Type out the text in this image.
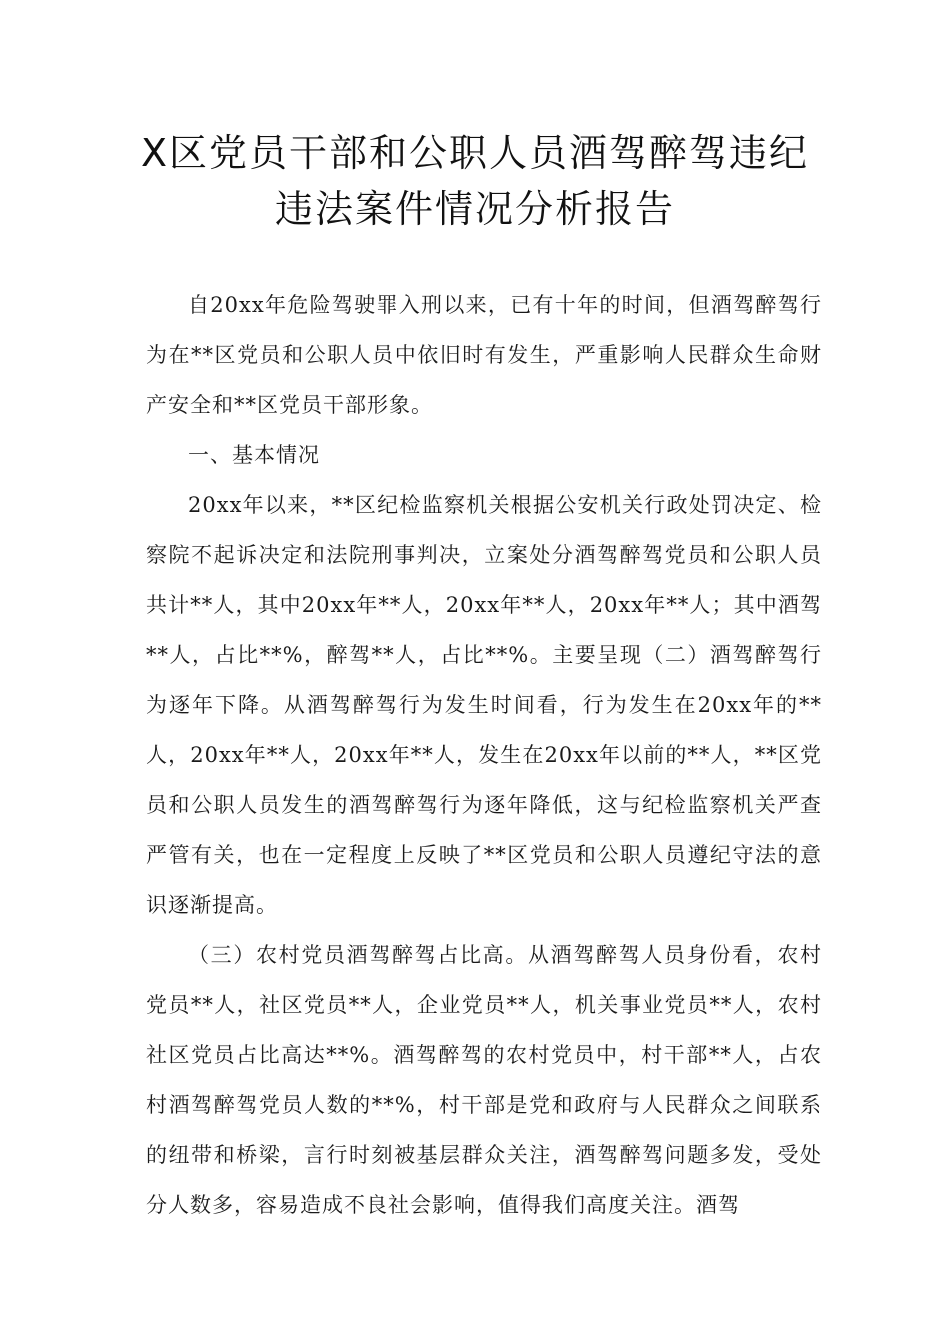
X区党员干部和公职人员酒驾醉驾违纪
违法案件情况分析报告

自20xx年危险驾驶罪入刑以来，已有十年的时间，但酒驾醉驾行为在**区党员和公职人员中依旧时有发生，严重影响人民群众生命财产安全和**区党员干部形象。

一、基本情况

20xx年以来，**区纪检监察机关根据公安机关行政处罚决定、检察院不起诉决定和法院刑事判决，立案处分酒驾醉驾党员和公职人员共计**人，其中20xx年**人，20xx年**人，20xx年**人；其中酒驾**人，占比**%，醉驾**人，占比**%。主要呈现（二）酒驾醉驾行为逐年下降。从酒驾醉驾行为发生时间看，行为发生在20xx年的**人，20xx年**人，20xx年**人，发生在20xx年以前的**人，**区党员和公职人员发生的酒驾醉驾行为逐年降低，这与纪检监察机关严查严管有关，也在一定程度上反映了**区党员和公职人员遵纪守法的意识逐渐提高。

（三）农村党员酒驾醉驾占比高。从酒驾醉驾人员身份看，农村党员**人，社区党员**人，企业党员**人，机关事业党员**人，农村社区党员占比高达**%。酒驾醉驾的农村党员中，村干部**人，占农村酒驾醉驾党员人数的**%，村干部是党和政府与人民群众之间联系的纽带和桥梁，言行时刻被基层群众关注，酒驾醉驾问题多发，受处分人数多，容易造成不良社会影响，值得我们高度关注。酒驾
